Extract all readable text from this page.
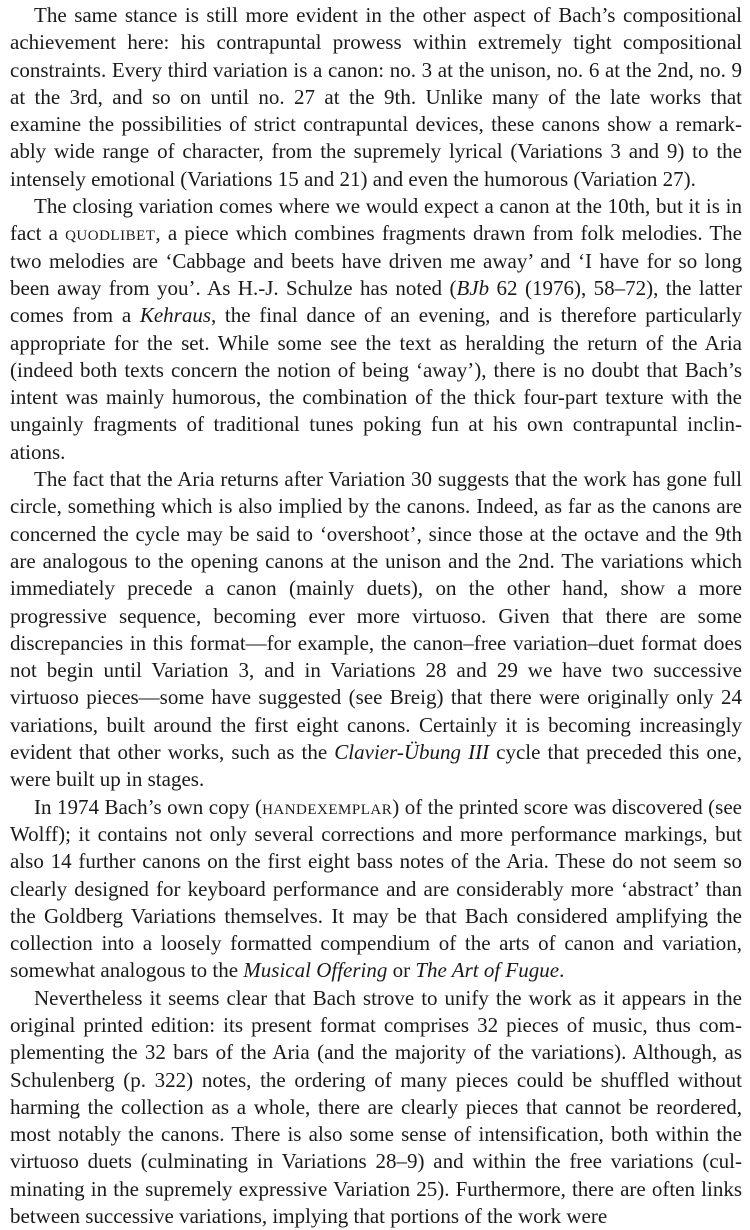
The same stance is still more evident in the other aspect of Bach’s compositional achievement here: his contrapuntal prowess within extremely tight compositional constraints. Every third variation is a canon: no. 3 at the unison, no. 6 at the 2nd, no. 9 at the 3rd, and so on until no. 27 at the 9th. Unlike many of the late works that examine the possibilities of strict contrapuntal devices, these canons show a remarkably wide range of character, from the supremely lyrical (Variations 3 and 9) to the intensely emotional (Variations 15 and 21) and even the humorous (Variation 27).

The closing variation comes where we would expect a canon at the 10th, but it is in fact a quodlibet, a piece which combines fragments drawn from folk melodies. The two melodies are ‘Cabbage and beets have driven me away’ and ‘I have for so long been away from you’. As H.-J. Schulze has noted (BJb 62 (1976), 58–72), the latter comes from a Kehraus, the final dance of an evening, and is therefore particularly appropriate for the set. While some see the text as heralding the return of the Aria (indeed both texts concern the notion of being ‘away’), there is no doubt that Bach’s intent was mainly humorous, the combination of the thick four-part texture with the ungainly fragments of traditional tunes poking fun at his own contrapuntal inclinations.

The fact that the Aria returns after Variation 30 suggests that the work has gone full circle, something which is also implied by the canons. Indeed, as far as the canons are concerned the cycle may be said to ‘overshoot’, since those at the octave and the 9th are analogous to the opening canons at the unison and the 2nd. The variations which immediately precede a canon (mainly duets), on the other hand, show a more progressive sequence, becoming ever more virtuoso. Given that there are some discrepancies in this format—for example, the canon–free variation–duet format does not begin until Variation 3, and in Variations 28 and 29 we have two successive virtuoso pieces—some have suggested (see Breig) that there were originally only 24 variations, built around the first eight canons. Certainly it is becoming increasingly evident that other works, such as the Clavier-Übung III cycle that preceded this one, were built up in stages.

In 1974 Bach’s own copy (handexemplar) of the printed score was discovered (see Wolff); it contains not only several corrections and more performance markings, but also 14 further canons on the first eight bass notes of the Aria. These do not seem so clearly designed for keyboard performance and are considerably more ‘abstract’ than the Goldberg Variations themselves. It may be that Bach considered amplifying the collection into a loosely formatted compendium of the arts of canon and variation, somewhat analogous to the Musical Offering or The Art of Fugue.

Nevertheless it seems clear that Bach strove to unify the work as it appears in the original printed edition: its present format comprises 32 pieces of music, thus complementing the 32 bars of the Aria (and the majority of the variations). Although, as Schulenberg (p. 322) notes, the ordering of many pieces could be shuffled without harming the collection as a whole, there are clearly pieces that cannot be reordered, most notably the canons. There is also some sense of intensification, both within the virtuoso duets (culminating in Variations 28–9) and within the free variations (culminating in the supremely expressive Variation 25). Furthermore, there are often links between successive variations, implying that portions of the work were
